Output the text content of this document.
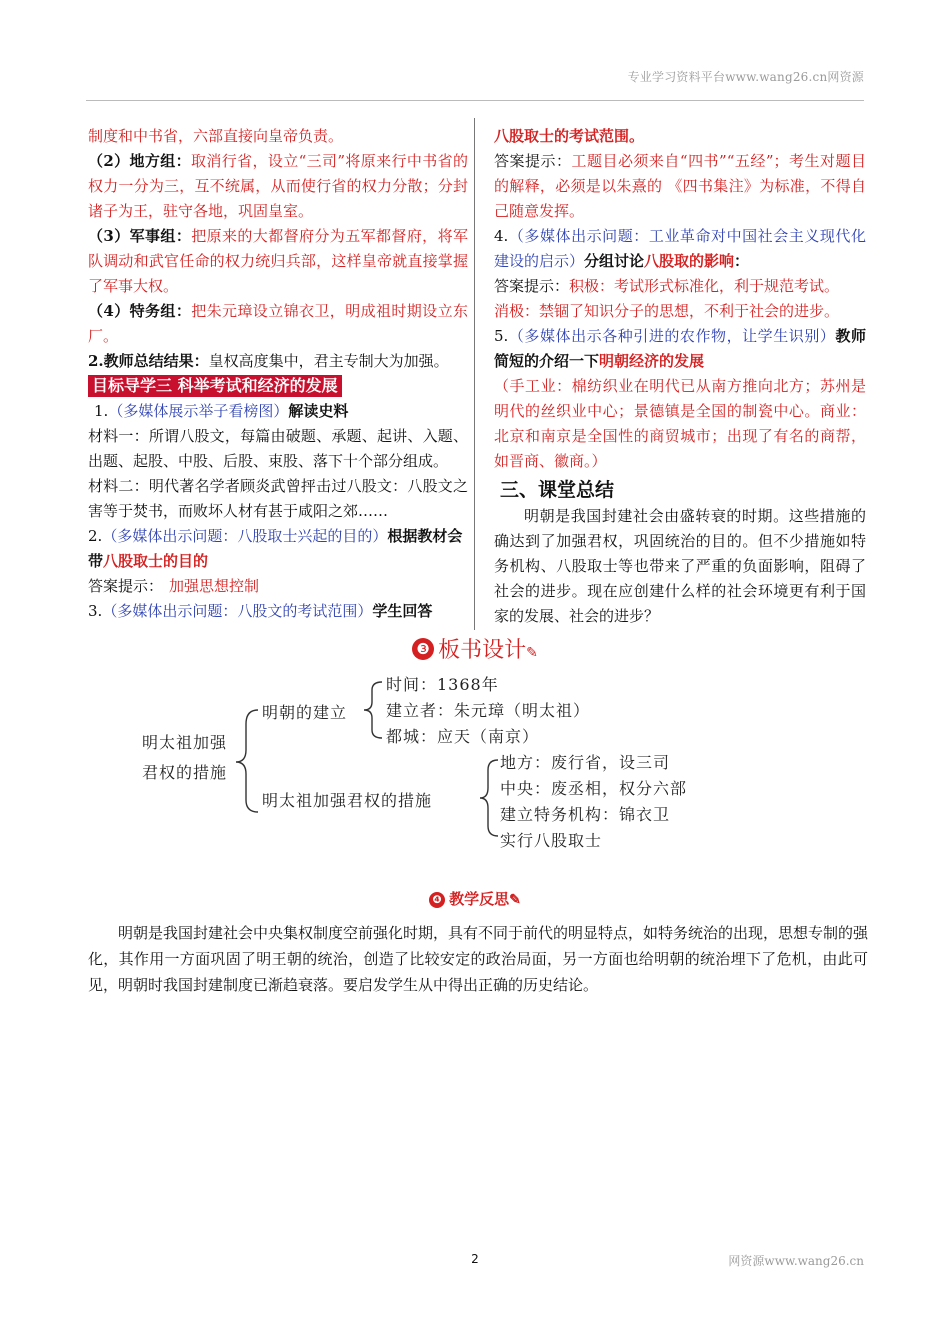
专业学习资料平台www.wang26.cn网资源

制度和中书省，六部直接向皇帝负责。

（2）地方组：取消行省，设立“三司”将原来行中书省的权力一分为三，互不统属，从而使行省的权力分散；分封诸子为王，驻守各地，巩固皇室。

（3）军事组：把原来的大都督府分为五军都督府，将军队调动和武官任命的权力统归兵部，这样皇帝就直接掌握了军事大权。

（4）特务组：把朱元璋设立锦衣卫，明成祖时期设立东厂。

2.教师总结结果：皇权高度集中，君主专制大为加强。

目标导学三 科举考试和经济的发展

1.（多媒体展示举子看榜图）解读史料

材料一：所谓八股文，每篇由破题、承题、起讲、入题、出题、起股、中股、后股、束股、落下十个部分组成。

材料二：明代著名学者顾炎武曾抨击过八股文：八股文之害等于焚书，而败坏人材有甚于咸阳之郊……

2.（多媒体出示问题：八股取士兴起的目的）根据教材会带八股取士的目的

答案提示： 加强思想控制

3.（多媒体出示问题：八股文的考试范围）学生回答

八股取士的考试范围。

答案提示：工题目必须来自“四书”“五经”；考生对题目的解释，必须是以朱熹的 《四书集注》为标准，不得自己随意发挥。

4.（多媒体出示问题：工业革命对中国社会主义现代化建设的启示）分组讨论八股取的影响：

答案提示：积极：考试形式标准化，利于规范考试。

消极：禁锢了知识分子的思想，不利于社会的进步。

5.（多媒体出示各种引进的农作物，让学生识别）教师简短的介绍一下明朝经济的发展

（手工业：棉纺织业在明代已从南方推向北方；苏州是明代的丝织业中心；景德镇是全国的制瓷中心。商业：北京和南京是全国性的商贸城市；出现了有名的商帮，如晋商、徽商。）

三、课堂总结

明朝是我国封建社会由盛转衰的时期。这些措施的确达到了加强君权，巩固统治的目的。但不少措施如特务机构、八股取士等也带来了严重的负面影响，阻碍了社会的进步。现在应创建什么样的社会环境更有利于国家的发展、社会的进步？

❸ 板书设计✎
明太祖加强
君权的措施
明朝的建立
时间：1368年
建立者：朱元璋（明太祖）
都城：应天（南京）
明太祖加强君权的措施
地方：废行省，设三司
中央：废丞相，权分六部
建立特务机构：锦衣卫
实行八股取士
❹ 教学反思✎

明朝是我国封建社会中央集权制度空前强化时期，具有不同于前代的明显特点，如特务统治的出现，思想专制的强化，其作用一方面巩固了明王朝的统治，创造了比较安定的政治局面，另一方面也给明朝的统治埋下了危机，由此可见，明朝时我国封建制度已渐趋衰落。要启发学生从中得出正确的历史结论。

2	网资源www.wang26.cn
